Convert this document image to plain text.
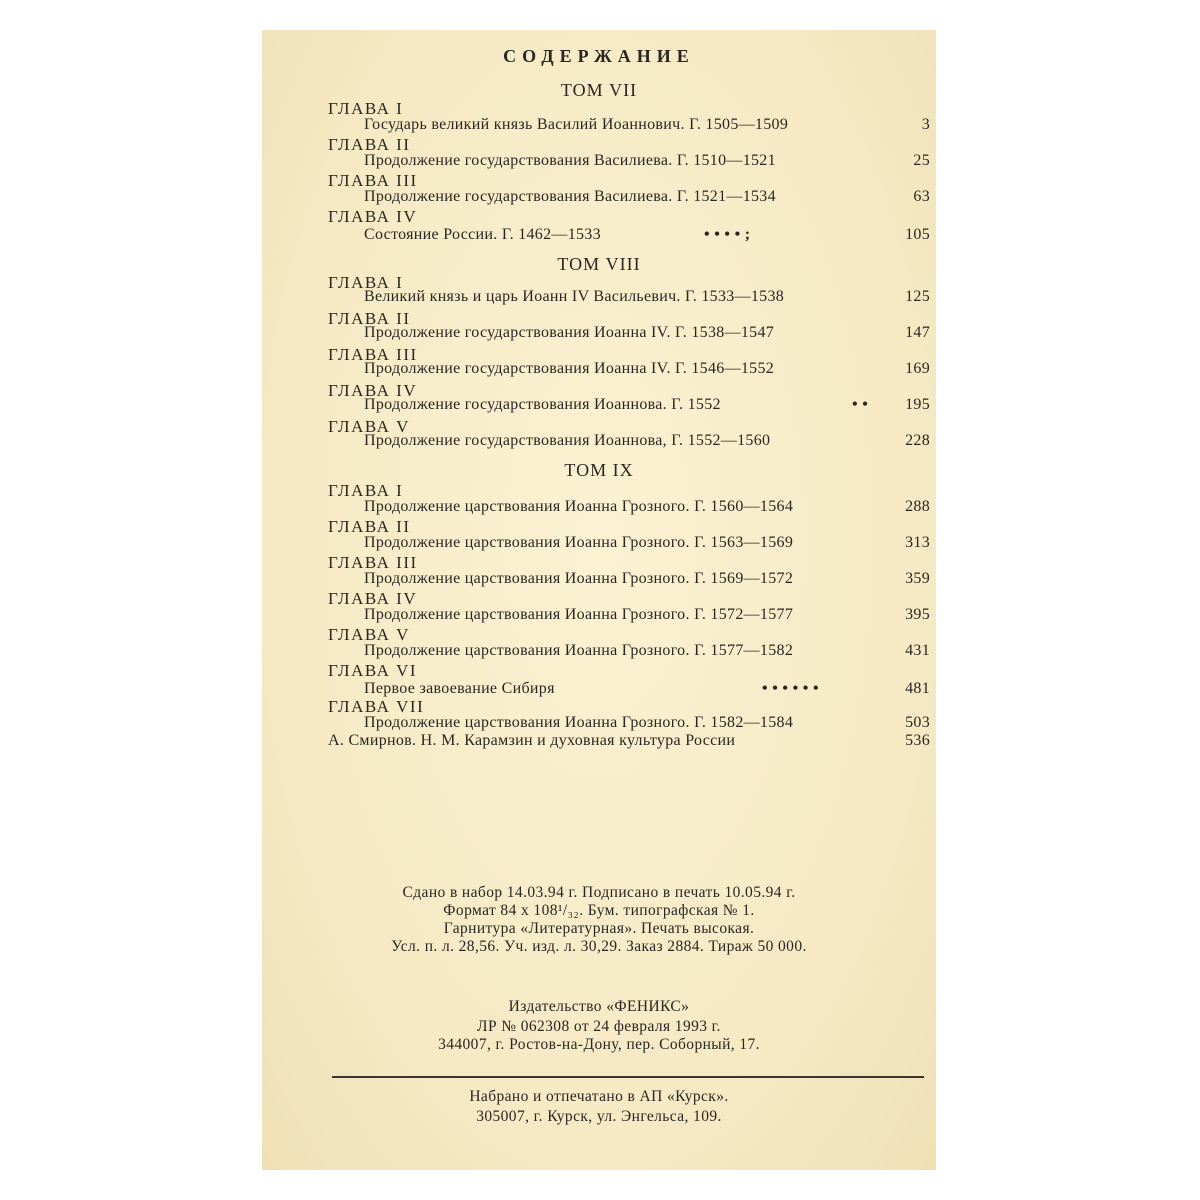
СОДЕРЖАНИЕ
ТОМ VII
ГЛАВА I
Государь великий князь Василий Иоаннович. Г. 1505—1509	3
ГЛАВА II
Продолжение государствования Василиева. Г. 1510—1521	25
ГЛАВА III
Продолжение государствования Василиева. Г. 1521—1534	63
ГЛАВА IV
Состояние России. Г. 1462—1533	• • • • ;	105
ТОМ VIII
ГЛАВА I
Великий князь и царь Иоанн IV Васильевич. Г. 1533—1538	125
ГЛАВА II
Продолжение государствования Иоанна IV. Г. 1538—1547	147
ГЛАВА III
Продолжение государствования Иоанна IV. Г. 1546—1552	169
ГЛАВА IV
Продолжение государствования Иоаннова. Г. 1552	• • 195
ГЛАВА V
Продолжение государствования Иоаннова, Г. 1552—1560	228
ТОМ IX
ГЛАВА I
Продолжение царствования Иоанна Грозного. Г. 1560—1564	288
ГЛАВА II
Продолжение царствования Иоанна Грозного. Г. 1563—1569	313
ГЛАВА III
Продолжение царствования Иоанна Грозного. Г. 1569—1572	359
ГЛАВА IV
Продолжение царствования Иоанна Грозного. Г. 1572—1577	395
ГЛАВА V
Продолжение царствования Иоанна Грозного. Г. 1577—1582	431
ГЛАВА VI
Первое завоевание Сибиря	• • • • • •	481
ГЛАВА VII
Продолжение царствования Иоанна Грозного. Г. 1582—1584	503
А. Смирнов. Н. М. Карамзин и духовная культура России	536
Сдано в набор 14.03.94 г. Подписано в печать 10.05.94 г.
Формат 84 x 108¹/₃₂. Бум. типографская № 1.
Гарнитура «Литературная». Печать высокая.
Усл. п. л. 28,56. Уч. изд. л. 30,29. Заказ 2884. Тираж 50 000.
Издательство «ФЕНИКС»
ЛР № 062308 от 24 февраля 1993 г.
344007, г. Ростов-на-Дону, пер. Соборный, 17.
Набрано и отпечатано в АП «Курск».
305007, г. Курск, ул. Энгельса, 109.
